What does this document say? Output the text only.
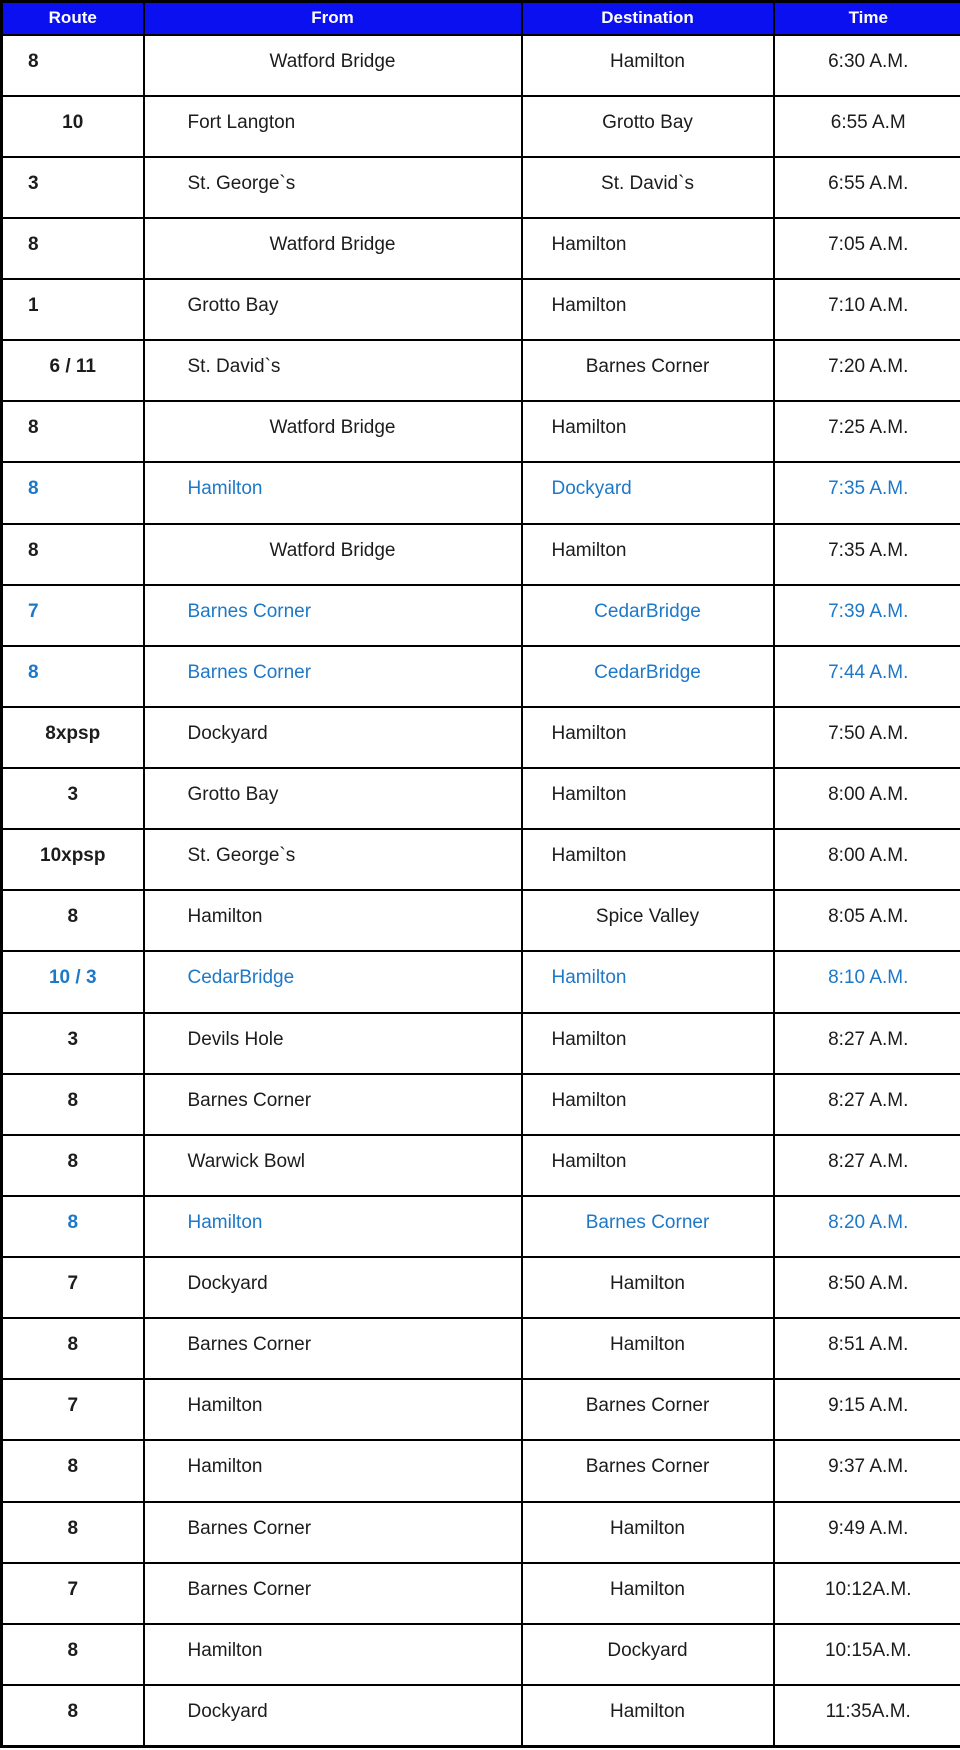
Route	From	Destination	Time
8	Watford Bridge	Hamilton	6:30 A.M.
10	Fort Langton	Grotto Bay	6:55 A.M
3	St. George`s	St. David`s	6:55 A.M.
8	Watford Bridge	Hamilton	7:05 A.M.
1	Grotto Bay	Hamilton	7:10 A.M.
6 / 11	St. David`s	Barnes Corner	7:20 A.M.
8	Watford Bridge	Hamilton	7:25 A.M.
8	Hamilton	Dockyard	7:35 A.M.
8	Watford Bridge	Hamilton	7:35 A.M.
7	Barnes Corner	CedarBridge	7:39 A.M.
8	Barnes Corner	CedarBridge	7:44 A.M.
8xpsp	Dockyard	Hamilton	7:50 A.M.
3	Grotto Bay	Hamilton	8:00 A.M.
10xpsp	St. George`s	Hamilton	8:00 A.M.
8	Hamilton	Spice Valley	8:05 A.M.
10 / 3	CedarBridge	Hamilton	8:10 A.M.
3	Devils Hole	Hamilton	8:27 A.M.
8	Barnes Corner	Hamilton	8:27 A.M.
8	Warwick Bowl	Hamilton	8:27 A.M.
8	Hamilton	Barnes Corner	8:20 A.M.
7	Dockyard	Hamilton	8:50 A.M.
8	Barnes Corner	Hamilton	8:51 A.M.
7	Hamilton	Barnes Corner	9:15 A.M.
8	Hamilton	Barnes Corner	9:37 A.M.
8	Barnes Corner	Hamilton	9:49 A.M.
7	Barnes Corner	Hamilton	10:12A.M.
8	Hamilton	Dockyard	10:15A.M.
8	Dockyard	Hamilton	11:35A.M.
